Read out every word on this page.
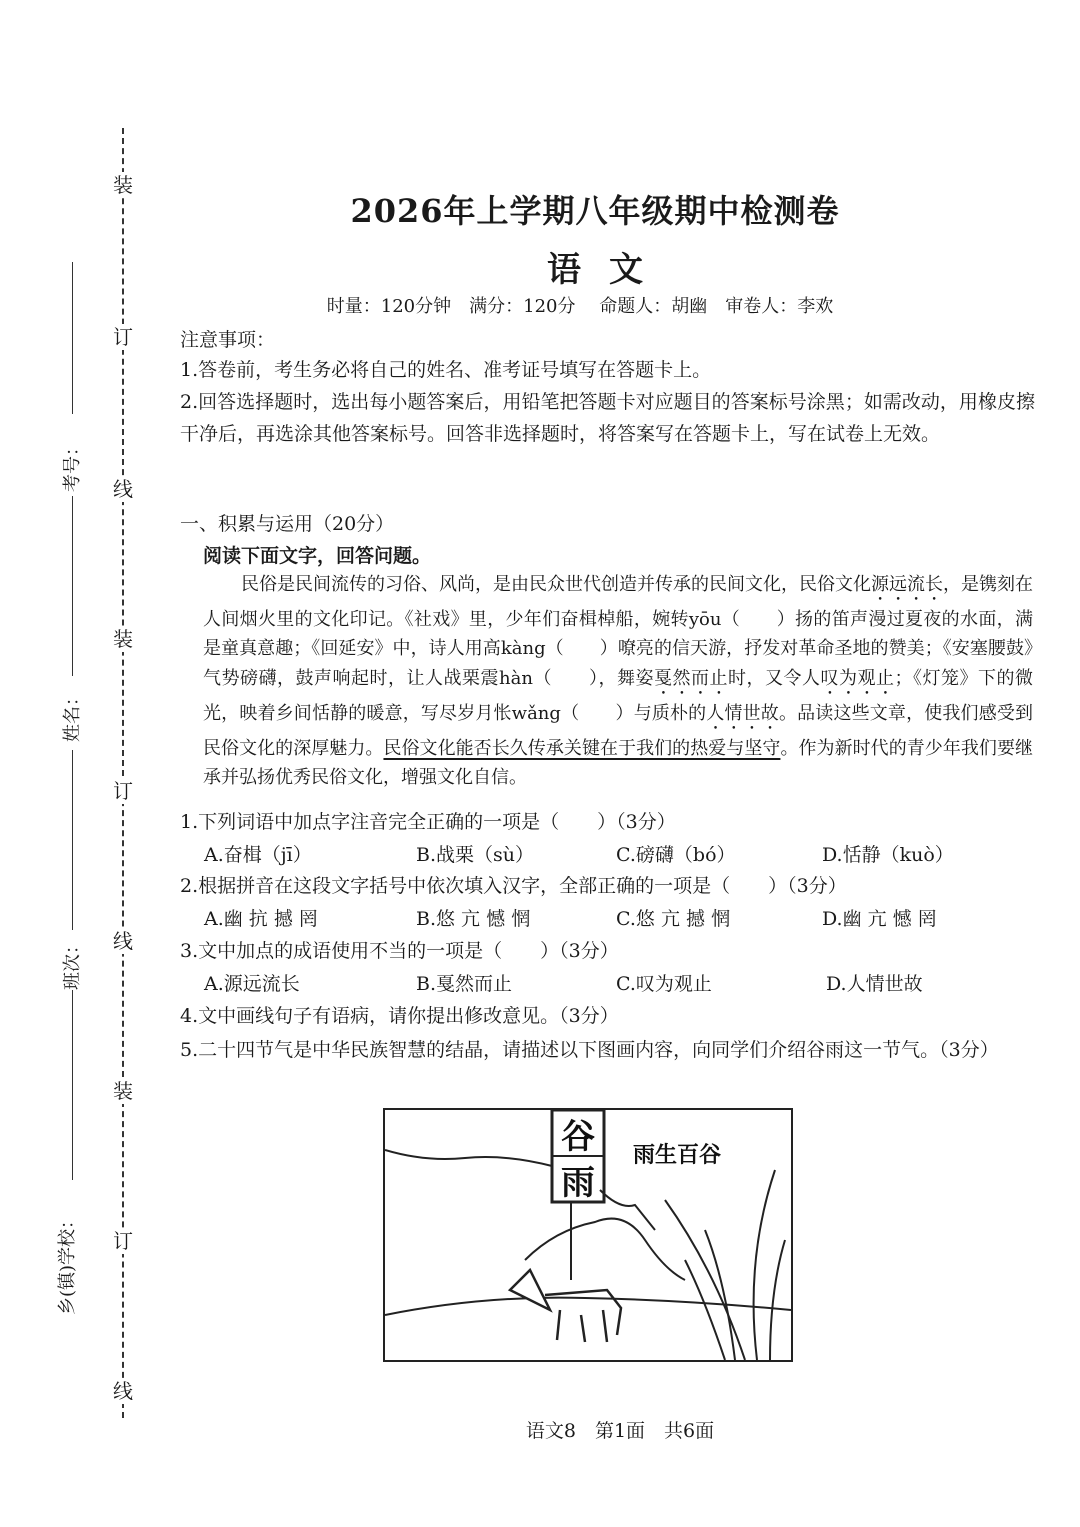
装
订
线
装
订
线
装
订
线
考号：
姓名：
班次：
乡(镇)学校：
2026年上学期八年级期中检测卷
语 文
时量：120分钟　满分：120分　 命题人：胡幽　审卷人：李欢
注意事项：
1.答卷前，考生务必将自己的姓名、准考证号填写在答题卡上。
2.回答选择题时，选出每小题答案后，用铅笔把答题卡对应题目的答案标号涂黑；如需改动，用橡皮擦干净后，再选涂其他答案标号。回答非选择题时，将答案写在答题卡上，写在试卷上无效。
一、积累与运用（20分）
阅读下面文字，回答问题。
民俗是民间流传的习俗、风尚，是由民众世代创造并传承的民间文化，民俗文化源远流长，是镌刻在人间烟火里的文化印记。《社戏》里，少年们奋楫棹船，婉转yōu（　　）扬的笛声漫过夏夜的水面，满是童真意趣；《回延安》中，诗人用高kàng（　　）嘹亮的信天游，抒发对革命圣地的赞美；《安塞腰鼓》气势磅礴，鼓声响起时，让人战栗震hàn（　　），舞姿戛然而止时，又令人叹为观止；《灯笼》下的微光，映着乡间恬静的暖意，写尽岁月怅wǎng（　　）与质朴的人情世故。品读这些文章，使我们感受到民俗文化的深厚魅力。民俗文化能否长久传承关键在于我们的热爱与坚守。作为新时代的青少年我们要继承并弘扬优秀民俗文化，增强文化自信。
1.下列词语中加点字注音完全正确的一项是（　　）（3分）
A.奋楫（jī）	B.战栗（sù）	C.磅礴（bó）	D.恬静（kuò）
2.根据拼音在这段文字括号中依次填入汉字，全部正确的一项是（　　）（3分）
A.幽 抗 撼 罔	B.悠 亢 憾 惘	C.悠 亢 撼 惘	D.幽 亢 憾 罔
3.文中加点的成语使用不当的一项是（　　）（3分）
A.源远流长	B.戛然而止	C.叹为观止	D.人情世故
4.文中画线句子有语病，请你提出修改意见。（3分）
5.二十四节气是中华民族智慧的结晶，请描述以下图画内容，向同学们介绍谷雨这一节气。（3分）
谷
雨
雨生百谷
语文8　第1面　共6面
